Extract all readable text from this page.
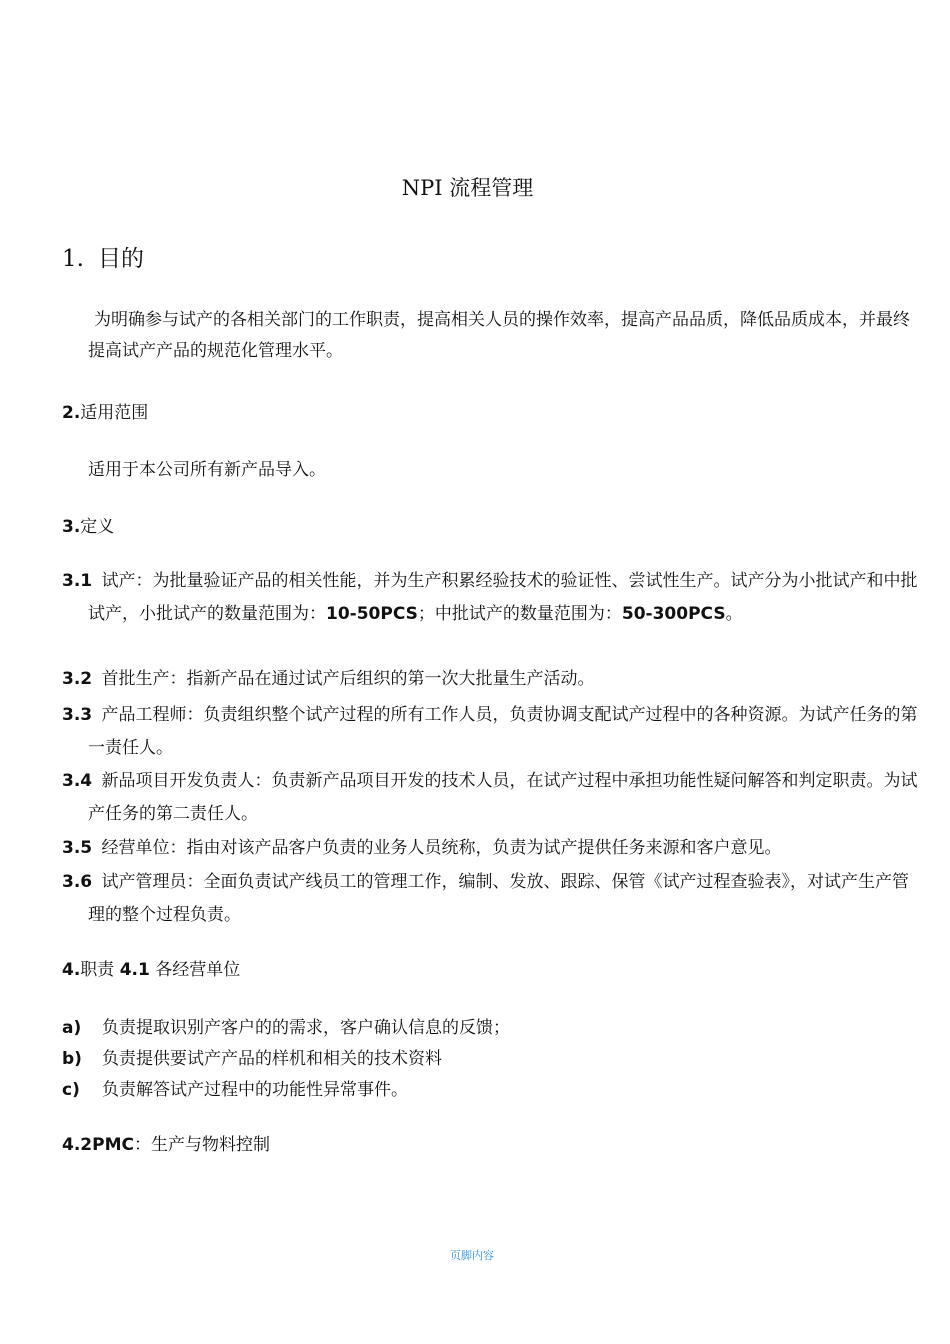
NPI 流程管理
1. 目的
为明确参与试产的各相关部门的工作职责，提高相关人员的操作效率，提高产品品质，降低品质成本，并最终提高试产产品的规范化管理水平。
2.适用范围
适用于本公司所有新产品导入。
3.定义
3.1 试产：为批量验证产品的相关性能，并为生产积累经验技术的验证性、尝试性生产。试产分为小批试产和中批试产，小批试产的数量范围为：10-50PCS；中批试产的数量范围为：50-300PCS。
3.2 首批生产：指新产品在通过试产后组织的第一次大批量生产活动。
3.3 产品工程师：负责组织整个试产过程的所有工作人员，负责协调支配试产过程中的各种资源。为试产任务的第一责任人。
3.4 新品项目开发负责人：负责新产品项目开发的技术人员，在试产过程中承担功能性疑问解答和判定职责。为试产任务的第二责任人。
3.5 经营单位：指由对该产品客户负责的业务人员统称，负责为试产提供任务来源和客户意见。
3.6 试产管理员：全面负责试产线员工的管理工作，编制、发放、跟踪、保管《试产过程查验表》，对试产生产管理的整个过程负责。
4.职责 4.1 各经营单位
a) 负责提取识别产客户的的需求，客户确认信息的反馈；
b) 负责提供要试产产品的样机和相关的技术资料
c) 负责解答试产过程中的功能性异常事件。
4.2PMC：生产与物料控制
页脚内容
